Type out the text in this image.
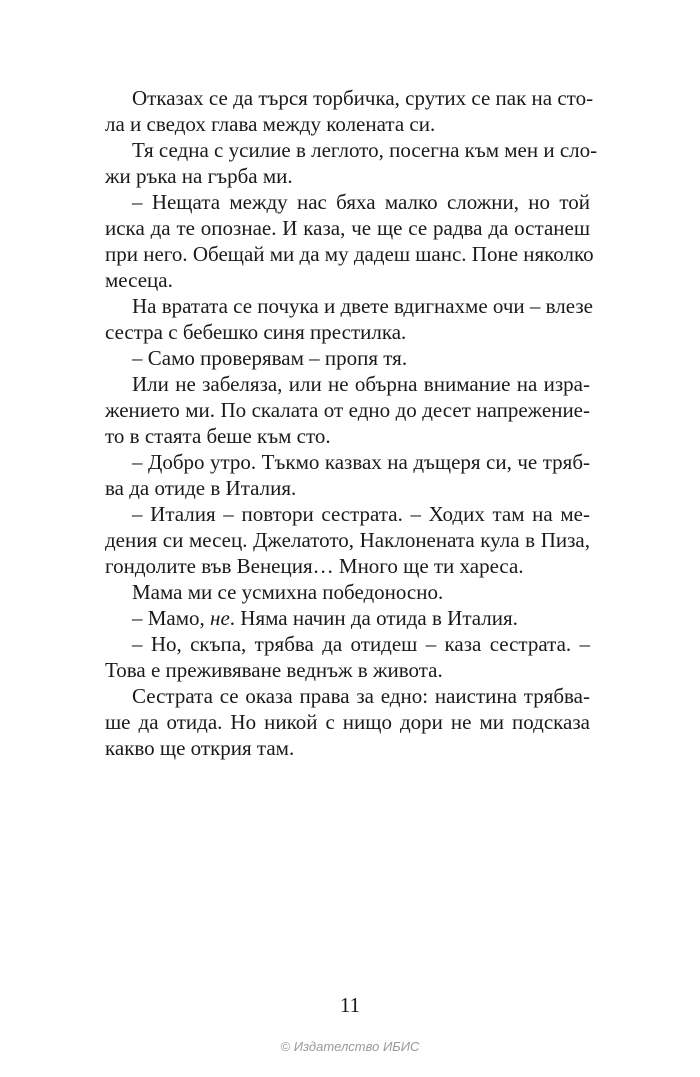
Отказах се да търся торбичка, срутих се пак на сто-
ла и сведох глава между колената си.
Тя седна с усилие в леглото, посегна към мен и сло-
жи ръка на гърба ми.
– Нещата между нас бяха малко сложни, но той
иска да те опознае. И каза, че ще се радва да останеш
при него. Обещай ми да му дадеш шанс. Поне няколко
месеца.
На вратата се почука и двете вдигнахме очи – влезе
сестра с бебешко синя престилка.
– Само проверявам – пропя тя.
Или не забеляза, или не обърна внимание на изра-
жението ми. По скалата от едно до десет напрежение-
то в стаята беше към сто.
– Добро утро. Тъкмо казвах на дъщеря си, че тряб-
ва да отиде в Италия.
– Италия – повтори сестрата. – Ходих там на ме-
дения си месец. Джелатото, Наклонената кула в Пиза,
гондолите във Венеция… Много ще ти хареса.
Мама ми се усмихна победоносно.
– Мамо, не. Няма начин да отида в Италия.
– Но, скъпа, трябва да отидеш – каза сестрата. –
Това е преживяване веднъж в живота.
Сестрата се оказа права за едно: наистина трябва-
ше да отида. Но никой с нищо дори не ми подсказа
какво ще открия там.
11
© Издателство ИБИС
